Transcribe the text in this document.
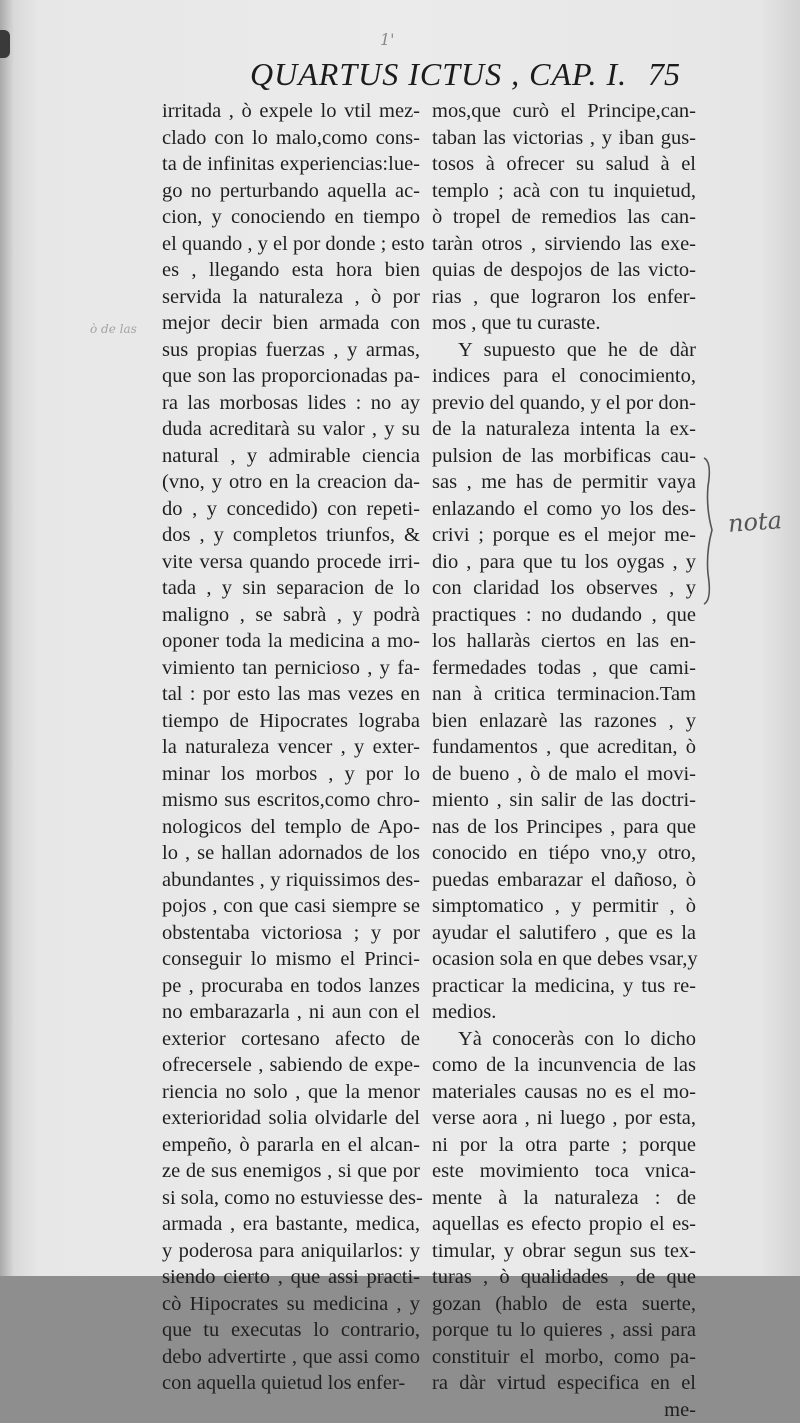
1'
QUARTUS ICTUS , CAP. I. 75
ò de las
irritada , ò expele lo vtil mez-
clado con lo malo,como cons-
ta de infinitas experiencias:lue-
go no perturbando aquella ac-
cion, y conociendo en tiempo
el quando , y el por donde ; esto
es , llegando esta hora bien
servida la naturaleza , ò por
mejor decir bien armada con
sus propias fuerzas , y armas,
que son las proporcionadas pa-
ra las morbosas lides : no ay
duda acreditarà su valor , y su
natural , y admirable ciencia
(vno, y otro en la creacion da-
do , y concedido) con repeti-
dos , y completos triunfos, &
vite versa quando procede irri-
tada , y sin separacion de lo
maligno , se sabrà , y podrà
oponer toda la medicina a mo-
vimiento tan pernicioso , y fa-
tal : por esto las mas vezes en
tiempo de Hipocrates lograba
la naturaleza vencer , y exter-
minar los morbos , y por lo
mismo sus escritos,como chro-
nologicos del templo de Apo-
lo , se hallan adornados de los
abundantes , y riquissimos des-
pojos , con que casi siempre se
obstentaba victoriosa ; y por
conseguir lo mismo el Princi-
pe , procuraba en todos lanzes
no embarazarla , ni aun con el
exterior cortesano afecto de
ofrecersele , sabiendo de expe-
riencia no solo , que la menor
exterioridad solia olvidarle del
empeño, ò pararla en el alcan-
ze de sus enemigos , si que por
si sola, como no estuviesse des-
armada , era bastante, medica,
y poderosa para aniquilarlos: y
siendo cierto , que assi practi-
cò Hipocrates su medicina , y
que tu executas lo contrario,
debo advertirte , que assi como
con aquella quietud los enfer-
mos,que curò el Principe,can-
taban las victorias , y iban gus-
tosos à ofrecer su salud à el
templo ; acà con tu inquietud,
ò tropel de remedios las can-
taràn otros , sirviendo las exe-
quias de despojos de las victo-
rias , que lograron los enfer-
mos , que tu curaste.
Y supuesto que he de dàr
indices para el conocimiento,
previo del quando, y el por don-
de la naturaleza intenta la ex-
pulsion de las morbificas cau-
sas , me has de permitir vaya
enlazando el como yo los des-
crivi ; porque es el mejor me-
dio , para que tu los oygas , y
con claridad los observes , y
practiques : no dudando , que
los hallaràs ciertos en las en-
fermedades todas , que cami-
nan à critica terminacion.Tam
bien enlazarè las razones , y
fundamentos , que acreditan, ò
de bueno , ò de malo el movi-
miento , sin salir de las doctri-
nas de los Principes , para que
conocido en tiépo vno,y otro,
puedas embarazar el dañoso, ò
simptomatico , y permitir , ò
ayudar el salutifero , que es la
ocasion sola en que debes vsar,y
practicar la medicina, y tus re-
medios.
Yà conoceràs con lo dicho
como de la incunvencia de las
materiales causas no es el mo-
verse aora , ni luego , por esta,
ni por la otra parte ; porque
este movimiento toca vnica-
mente à la naturaleza : de
aquellas es efecto propio el es-
timular, y obrar segun sus tex-
turas , ò qualidades , de que
gozan (hablo de esta suerte,
porque tu lo quieres , assi para
constituir el morbo, como pa-
ra dàr virtud especifica en el
me-
nota
